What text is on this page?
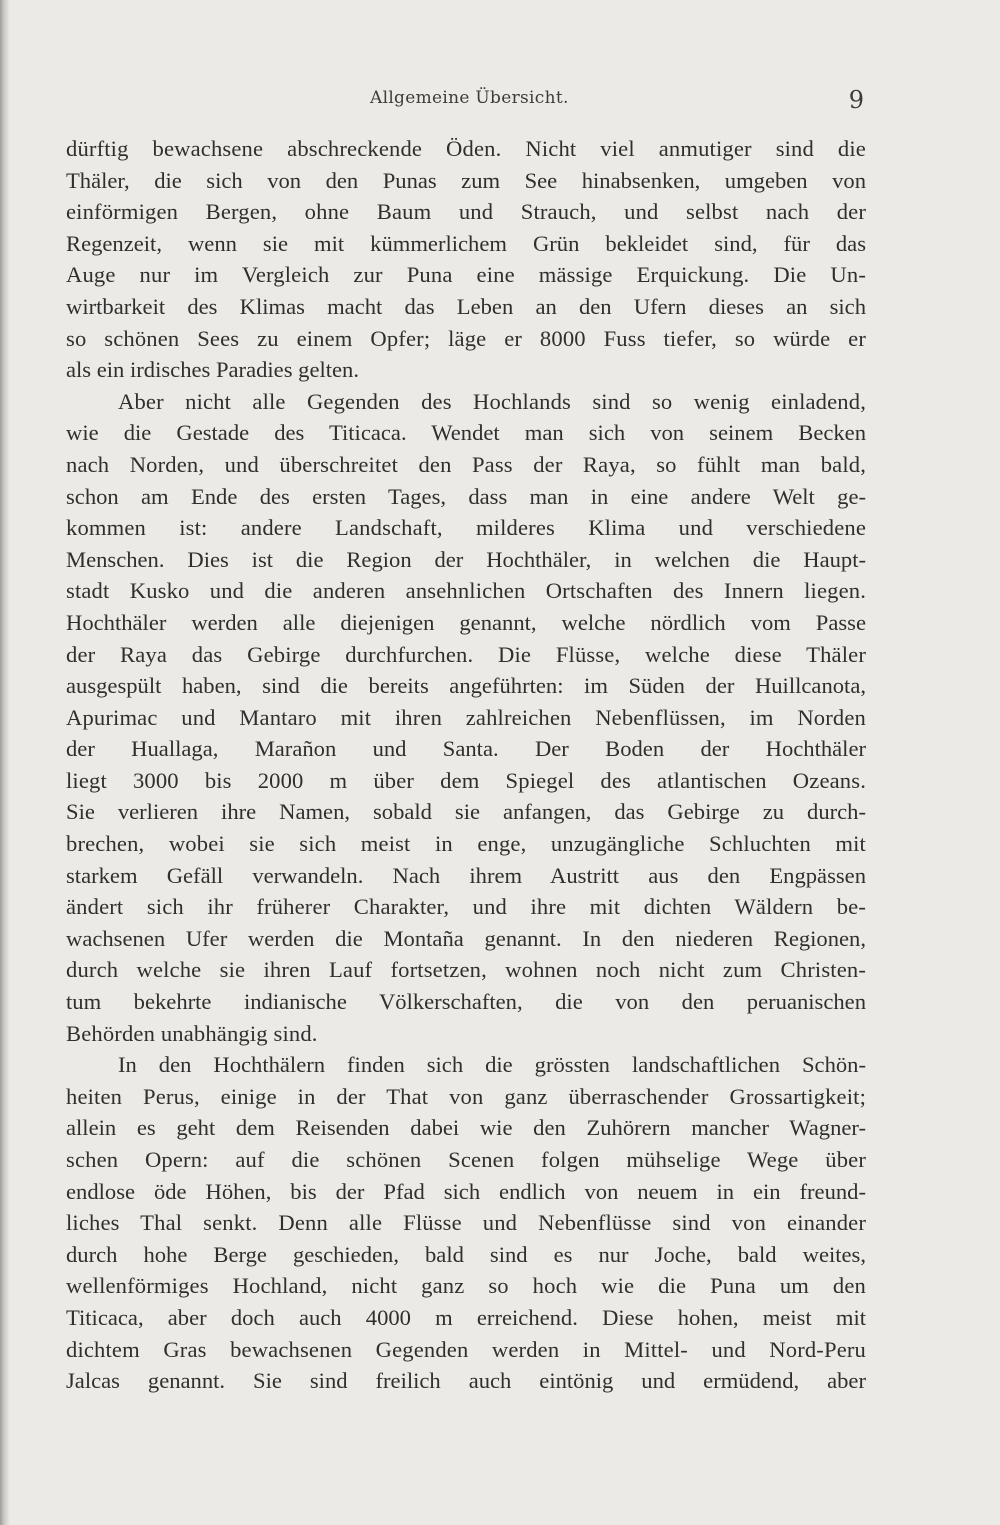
Allgemeine Übersicht.	9
dürftig bewachsene abschreckende Öden. Nicht viel anmutiger sind die
Thäler, die sich von den Punas zum See hinabsenken, umgeben von
einförmigen Bergen, ohne Baum und Strauch, und selbst nach der
Regenzeit, wenn sie mit kümmerlichem Grün bekleidet sind, für das
Auge nur im Vergleich zur Puna eine mässige Erquickung. Die Un-
wirtbarkeit des Klimas macht das Leben an den Ufern dieses an sich
so schönen Sees zu einem Opfer; läge er 8000 Fuss tiefer, so würde er
als ein irdisches Paradies gelten.
Aber nicht alle Gegenden des Hochlands sind so wenig einladend,
wie die Gestade des Titicaca. Wendet man sich von seinem Becken
nach Norden, und überschreitet den Pass der Raya, so fühlt man bald,
schon am Ende des ersten Tages, dass man in eine andere Welt ge-
kommen ist: andere Landschaft, milderes Klima und verschiedene
Menschen. Dies ist die Region der Hochthäler, in welchen die Haupt-
stadt Kusko und die anderen ansehnlichen Ortschaften des Innern liegen.
Hochthäler werden alle diejenigen genannt, welche nördlich vom Passe
der Raya das Gebirge durchfurchen. Die Flüsse, welche diese Thäler
ausgespült haben, sind die bereits angeführten: im Süden der Huillcanota,
Apurimac und Mantaro mit ihren zahlreichen Nebenflüssen, im Norden
der Huallaga, Marañon und Santa. Der Boden der Hochthäler
liegt 3000 bis 2000 m über dem Spiegel des atlantischen Ozeans.
Sie verlieren ihre Namen, sobald sie anfangen, das Gebirge zu durch-
brechen, wobei sie sich meist in enge, unzugängliche Schluchten mit
starkem Gefäll verwandeln. Nach ihrem Austritt aus den Engpässen
ändert sich ihr früherer Charakter, und ihre mit dichten Wäldern be-
wachsenen Ufer werden die Montaña genannt. In den niederen Regionen,
durch welche sie ihren Lauf fortsetzen, wohnen noch nicht zum Christen-
tum bekehrte indianische Völkerschaften, die von den peruanischen
Behörden unabhängig sind.
In den Hochthälern finden sich die grössten landschaftlichen Schön-
heiten Perus, einige in der That von ganz überraschender Grossartigkeit;
allein es geht dem Reisenden dabei wie den Zuhörern mancher Wagner-
schen Opern: auf die schönen Scenen folgen mühselige Wege über
endlose öde Höhen, bis der Pfad sich endlich von neuem in ein freund-
liches Thal senkt. Denn alle Flüsse und Nebenflüsse sind von einander
durch hohe Berge geschieden, bald sind es nur Joche, bald weites,
wellenförmiges Hochland, nicht ganz so hoch wie die Puna um den
Titicaca, aber doch auch 4000 m erreichend. Diese hohen, meist mit
dichtem Gras bewachsenen Gegenden werden in Mittel- und Nord-Peru
Jalcas genannt. Sie sind freilich auch eintönig und ermüdend, aber
